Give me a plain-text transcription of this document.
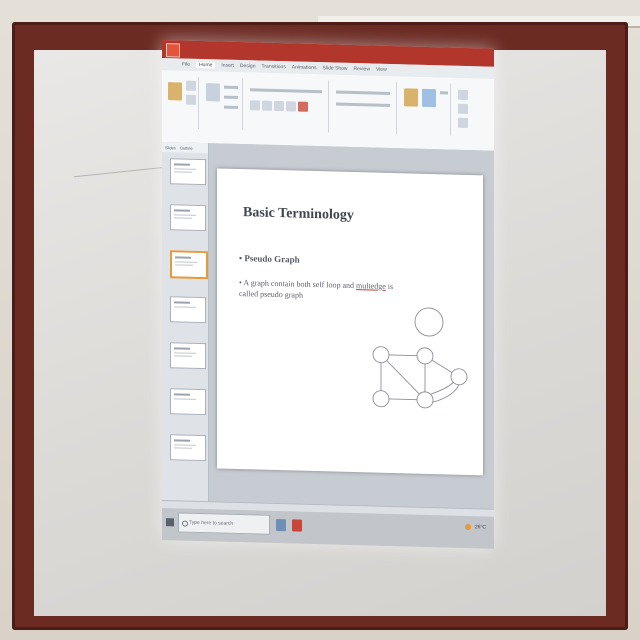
File	Home	Insert Design Transitions Animations Slide Show Review View
Slides Outline
Basic Terminology
• Pseudo Graph
• A graph contain both self loop and multedge is called pseudo graph
Type here to search
26°C
